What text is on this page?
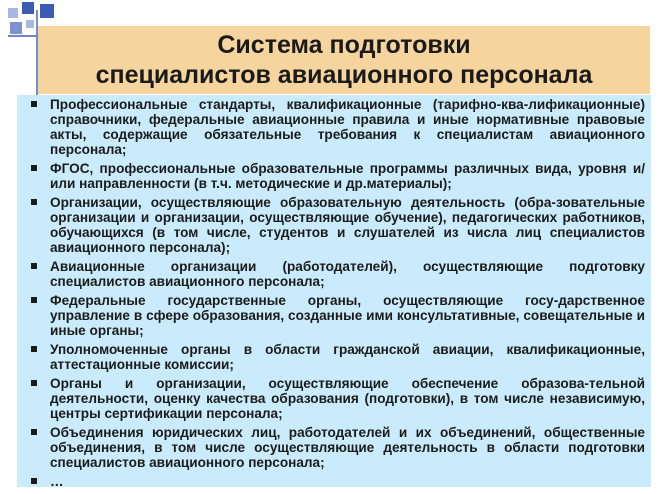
Система подготовки
специалистов авиационного персонала
Профессиональные стандарты, квалификационные (тарифно-ква-лификационные) справочники, федеральные авиационные правила и иные нормативные правовые акты, содержащие обязательные требования к специалистам авиационного персонала;
ФГОС, профессиональные образовательные программы различных вида, уровня и/или направленности (в т.ч. методические и др.материалы);
Организации, осуществляющие образовательную деятельность (обра-зовательные организации и организации, осуществляющие обучение), педагогических работников, обучающихся (в том числе, студентов и слушателей из числа лиц специалистов авиационного персонала);
Авиационные организации (работодателей), осуществляющие подготовку специалистов авиационного персонала;
Федеральные государственные органы, осуществляющие госу-дарственное управление в сфере образования, созданные ими консультативные, совещательные и иные органы;
Уполномоченные органы в области гражданской авиации, квалификационные, аттестационные комиссии;
Органы и организации, осуществляющие обеспечение образова-тельной деятельности, оценку качества образования (подготовки), в том числе независимую, центры сертификации персонала;
Объединения юридических лиц, работодателей и их объединений, общественные объединения, в том числе осуществляющие деятельность в области подготовки специалистов авиационного персонала;
…
